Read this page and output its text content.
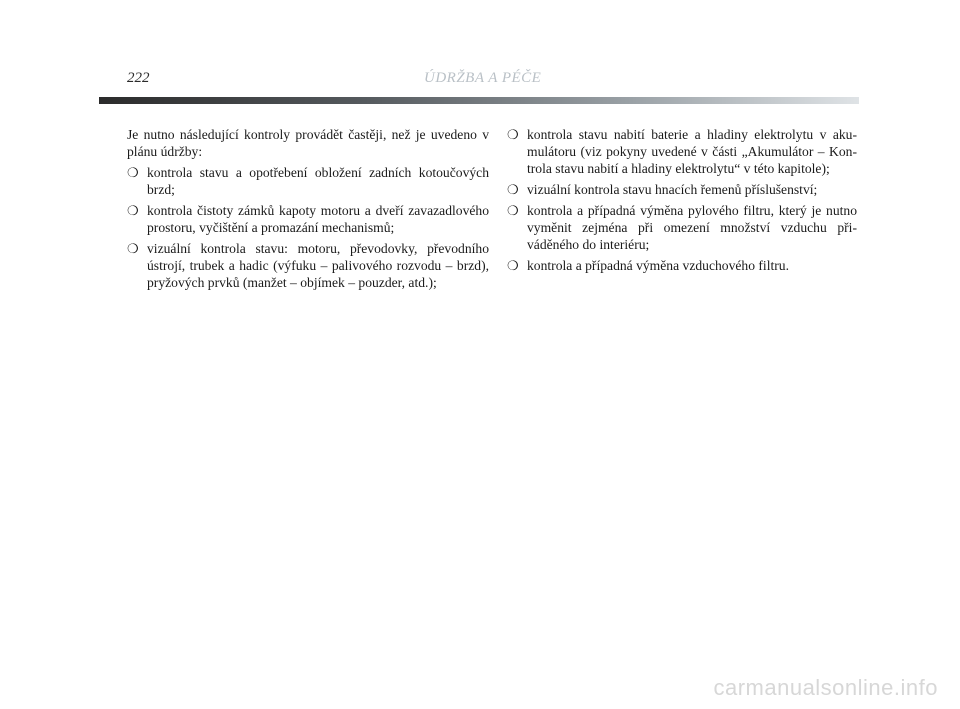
222	ÚDRŽBA A PÉČE

Je nutno následující kontroly provádět častěji, než je uvedeno v plánu údržby:

❍ kontrola stavu a opotřebení obložení zadních kotoučových brzd;
❍ kontrola čistoty zámků kapoty motoru a dveří zavazadlového prostoru, vyčištění a promazání mechanismů;
❍ vizuální kontrola stavu: motoru, převodovky, převodního ústrojí, trubek a hadic (výfuku – palivového rozvodu – brzd), pryžových prvků (manžet – objímek – pouzder, atd.);
❍ kontrola stavu nabití baterie a hladiny elektrolytu v akumulátoru (viz pokyny uvedené v části „Akumulátor – Kontrola stavu nabití a hladiny elektrolytu“ v této kapitole);
❍ vizuální kontrola stavu hnacích řemenů příslušenství;
❍ kontrola a případná výměna pylového filtru, který je nutno vyměnit zejména při omezení množství vzduchu přiváděného do interiéru;
❍ kontrola a případná výměna vzduchového filtru.
carmanualsonline.info
